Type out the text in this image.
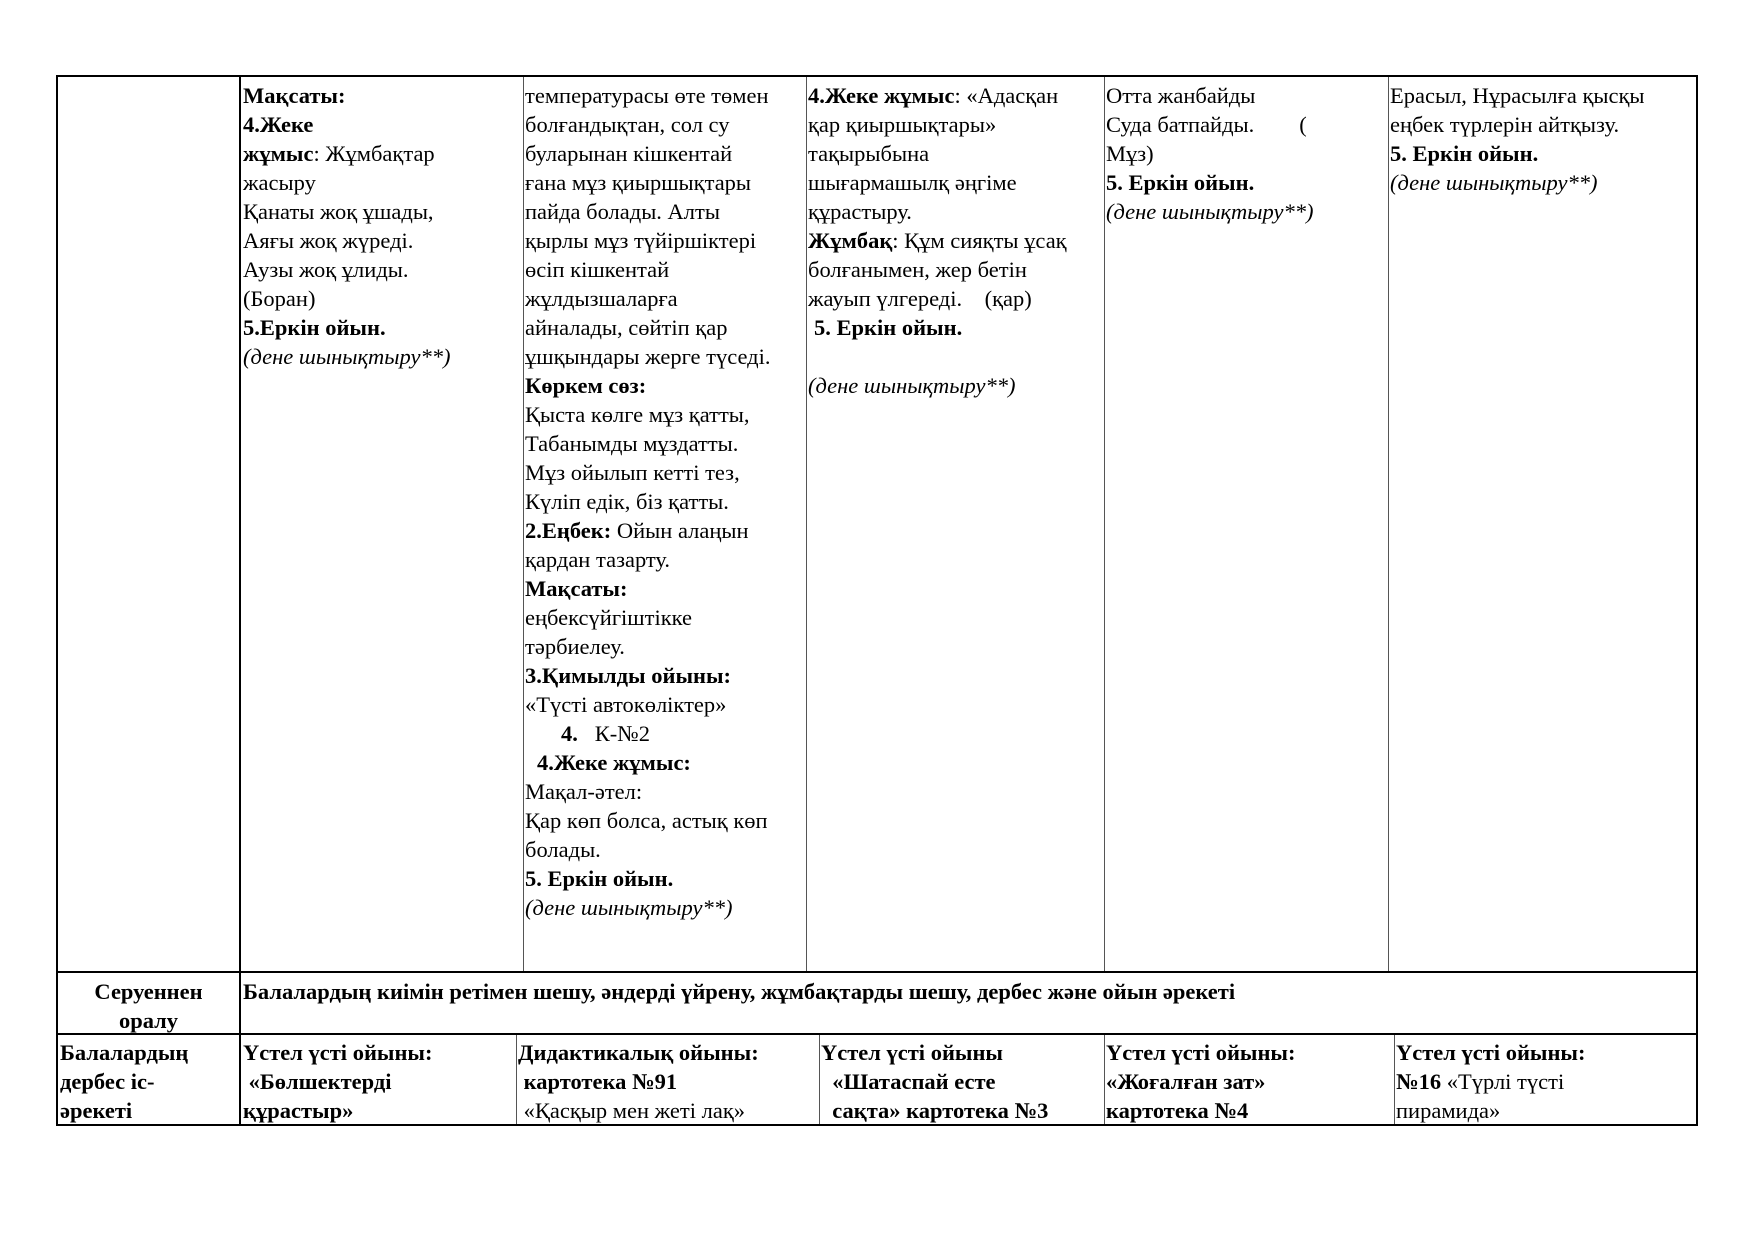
Мақсаты:
4.Жеке
жұмыс: Жұмбақтар
жасыру
Қанаты жоқ ұшады,
Аяғы жоқ жүреді.
Аузы жоқ ұлиды.
(Боран)
5.Еркін ойын.
(дене шынықтыру**)
температурасы өте төмен
болғандықтан, сол су
буларынан кішкентай
ғана мұз қиыршықтары
пайда болады. Алты
қырлы мұз түйіршіктері
өсіп кішкентай
жұлдызшаларға
айналады, сөйтіп қар
ұшқындары жерге түседі.
Көркем сөз:
Қыста көлге мұз қатты,
Табанымды мұздатты.
Мұз ойылып кетті тез,
Күліп едік, біз қатты.
2.Еңбек: Ойын алаңын
қардан тазарту.
Мақсаты:
еңбексүйгіштікке
тәрбиелеу.
3.Қимылды ойыны:
«Түсті автокөліктер»
4.   К-№2
4.Жеке жұмыс:
Мақал-әтел:
Қар көп болса, астық көп
болады.
5. Еркін ойын.
(дене шынықтыру**)
4.Жеке жұмыс: «Адасқан
қар қиыршықтары»
тақырыбына
шығармашылқ әңгіме
құрастыру.
Жұмбақ: Құм сияқты ұсақ
болғанымен, жер бетін
жауып үлгереді.    (қар)
5. Еркін ойын.

(дене шынықтыру**)
Отта жанбайды
Суда батпайды.        (
Мұз)
5. Еркін ойын.
(дене шынықтыру**)
Ерасыл, Нұрасылға қысқы
еңбек түрлерін айтқызу.
5. Еркін ойын.
(дене шынықтыру**)
Серуеннен
оралу
Балалардың киімін ретімен шешу, әндерді үйрену, жұмбақтарды шешу, дербес және ойын әрекеті
Балалардың
дербес іс-
әрекеті
Үстел үсті ойыны:
«Бөлшектерді
құрастыр»
Дидактикалық ойыны:
картотека №91
«Қасқыр мен жеті лақ»
Үстел үсті ойыны
«Шатаспай есте
сақта» картотека №3
Үстел үсті ойыны:
«Жоғалған зат»
картотека №4
Үстел үсті ойыны:
№16 «Түрлі түсті
пирамида»
